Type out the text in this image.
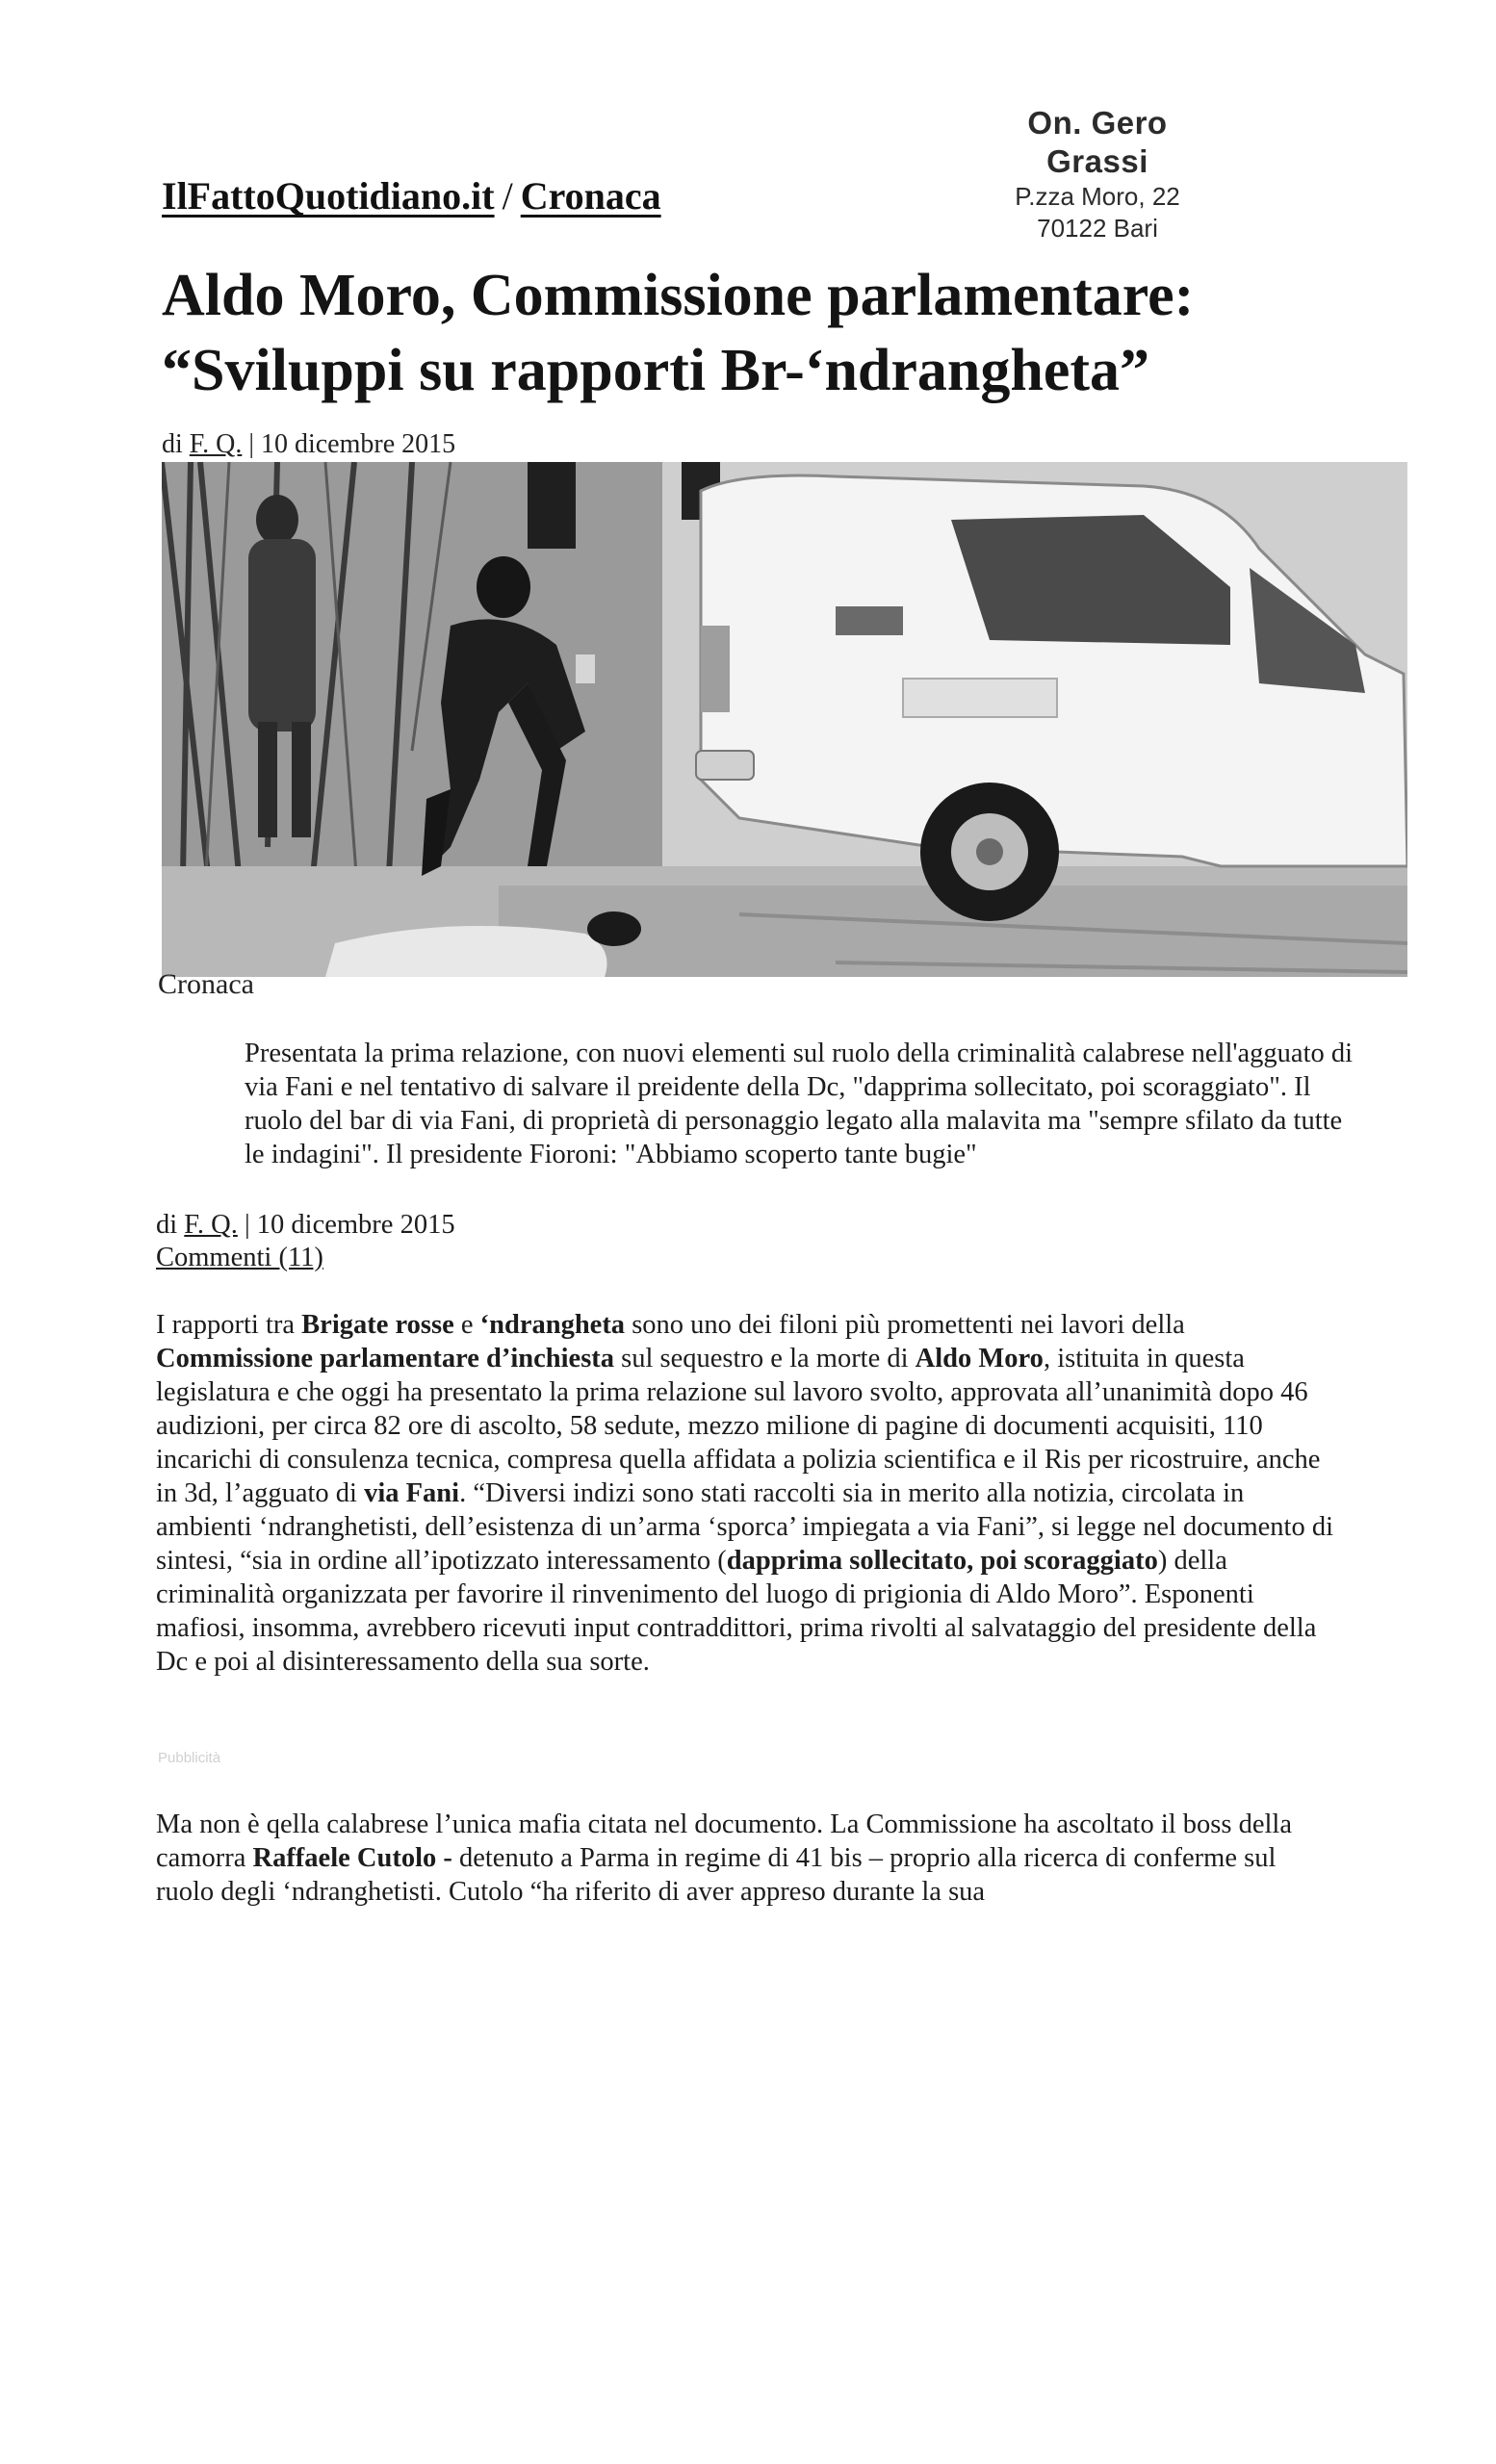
On. Gero Grassi
P.zza Moro, 22
70122 Bari
IlFattoQuotidiano.it / Cronaca
Aldo Moro, Commissione parlamentare:
“Sviluppi su rapporti Br-‘ndrangheta”
di F. Q. | 10 dicembre 2015
Cronaca

Presentata la prima relazione, con nuovi elementi sul ruolo della criminalità calabrese nell'agguato di via Fani e nel tentativo di salvare il preidente della Dc, "dapprima sollecitato, poi scoraggiato". Il ruolo del bar di via Fani, di proprietà di personaggio legato alla malavita ma "sempre sfilato da tutte le indagini". Il presidente Fioroni: "Abbiamo scoperto tante bugie"

di F. Q. | 10 dicembre 2015
Commenti (11)

I rapporti tra Brigate rosse e ‘ndrangheta sono uno dei filoni più promettenti nei lavori della Commissione parlamentare d’inchiesta sul sequestro e la morte di Aldo Moro, istituita in questa legislatura e che oggi ha presentato la prima relazione sul lavoro svolto, approvata all’unanimità dopo 46 audizioni, per circa 82 ore di ascolto, 58 sedute, mezzo milione di pagine di documenti acquisiti, 110 incarichi di consulenza tecnica, compresa quella affidata a polizia scientifica e il Ris per ricostruire, anche in 3d, l’agguato di via Fani. “Diversi indizi sono stati raccolti sia in merito alla notizia, circolata in ambienti ‘ndranghetisti, dell’esistenza di un’arma ‘sporca’ impiegata a via Fani”, si legge nel documento di sintesi, “sia in ordine all’ipotizzato interessamento (dapprima sollecitato, poi scoraggiato) della criminalità organizzata per favorire il rinvenimento del luogo di prigionia di Aldo Moro”. Esponenti mafiosi, insomma, avrebbero ricevuti input contraddittori, prima rivolti al salvataggio del presidente della Dc e poi al disinteressamento della sua sorte.

Pubblicità

Ma non è qella calabrese l’unica mafia citata nel documento. La Commissione ha ascoltato il boss della camorra Raffaele Cutolo - detenuto a Parma in regime di 41 bis – proprio alla ricerca di conferme sul ruolo degli ‘ndranghetisti. Cutolo “ha riferito di aver appreso durante la sua
